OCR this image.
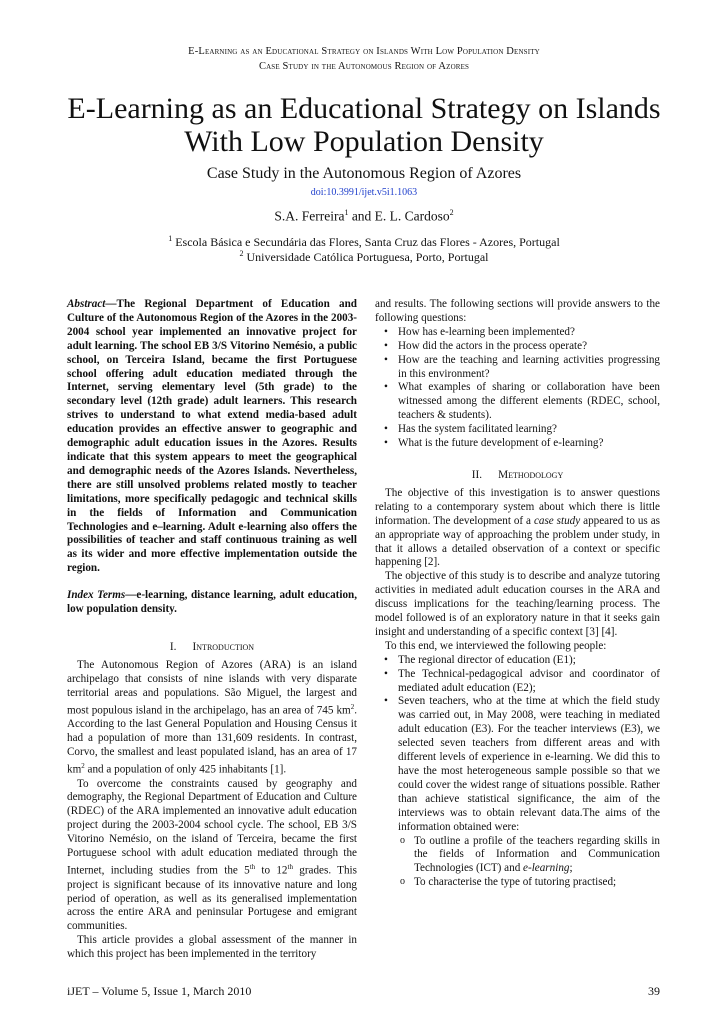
E-Learning as an Educational Strategy on Islands With Low Population Density
Case Study in the Autonomous Region of Azores
E-Learning as an Educational Strategy on Islands With Low Population Density
Case Study in the Autonomous Region of Azores
doi:10.3991/ijet.v5i1.1063
S.A. Ferreira$^1$ and E. L. Cardoso$^2$
$^1$ Escola Básica e Secundária das Flores, Santa Cruz das Flores - Azores, Portugal
$^2$ Universidade Católica Portuguesa, Porto, Portugal

Abstract—The Regional Department of Education and Culture of the Autonomous Region of the Azores in the 2003-2004 school year implemented an innovative project for adult learning. The school EB 3/S Vitorino Nemésio, a public school, on Terceira Island, became the first Portuguese school offering adult education mediated through the Internet, serving elementary level (5th grade) to the secondary level (12th grade) adult learners. This research strives to understand to what extend media-based adult education provides an effective answer to geographic and demographic adult education issues in the Azores. Results indicate that this system appears to meet the geographical and demographic needs of the Azores Islands. Nevertheless, there are still unsolved problems related mostly to teacher limitations, more specifically pedagogic and technical skills in the fields of Information and Communication Technologies and e–learning. Adult e-learning also offers the possibilities of teacher and staff continuous training as well as its wider and more effective implementation outside the region.

Index Terms—e-learning, distance learning, adult education, low population density.

I. Introduction

The Autonomous Region of Azores (ARA) is an island archipelago that consists of nine islands with very disparate territorial areas and populations. São Miguel, the largest and most populous island in the archipelago, has an area of 745 $km^2$. According to the last General Population and Housing Census it had a population of more than 131,609 residents. In contrast, Corvo, the smallest and least populated island, has an area of 17 $km^2$ and a population of only 425 inhabitants [1].

To overcome the constraints caused by geography and demography, the Regional Department of Education and Culture (RDEC) of the ARA implemented an innovative adult education project during the 2003-2004 school cycle. The school, EB 3/S Vitorino Nemésio, on the island of Terceira, became the first Portuguese school with adult education mediated through the Internet, including studies from the 5th to 12th grades. This project is significant because of its innovative nature and long period of operation, as well as its generalised implementation across the entire ARA and peninsular Portugese and emigrant communities.

This article provides a global assessment of the manner in which this project has been implemented in the territory

and results. The following sections will provide answers to the following questions:

• How has e-learning been implemented?
• How did the actors in the process operate?
• How are the teaching and learning activities progressing in this environment?
• What examples of sharing or collaboration have been witnessed among the different elements (RDEC, school, teachers & students).
• Has the system facilitated learning?
• What is the future development of e-learning?
II. Methodology

The objective of this investigation is to answer questions relating to a contemporary system about which there is little information. The development of a case study appeared to us as an appropriate way of approaching the problem under study, in that it allows a detailed observation of a context or specific happening [2].

The objective of this study is to describe and analyze tutoring activities in mediated adult education courses in the ARA and discuss implications for the teaching/learning process. The model followed is of an exploratory nature in that it seeks gain insight and understanding of a specific context [3] [4].

To this end, we interviewed the following people:

• The regional director of education (E1);
• The Technical-pedagogical advisor and coordinator of mediated adult education (E2);
• Seven teachers, who at the time at which the field study was carried out, in May 2008, were teaching in mediated adult education (E3). For the teacher interviews (E3), we selected seven teachers from different areas and with different levels of experience in e-learning. We did this to have the most heterogeneous sample possible so that we could cover the widest range of situations possible. Rather than achieve statistical significance, the aim of the interviews was to obtain relevant data.The aims of the information obtained were:
o To outline a profile of the teachers regarding skills in the fields of Information and Communication Technologies (ICT) and e-learning;
o To characterise the type of tutoring practised;
iJET – Volume 5, Issue 1, March 2010	39
